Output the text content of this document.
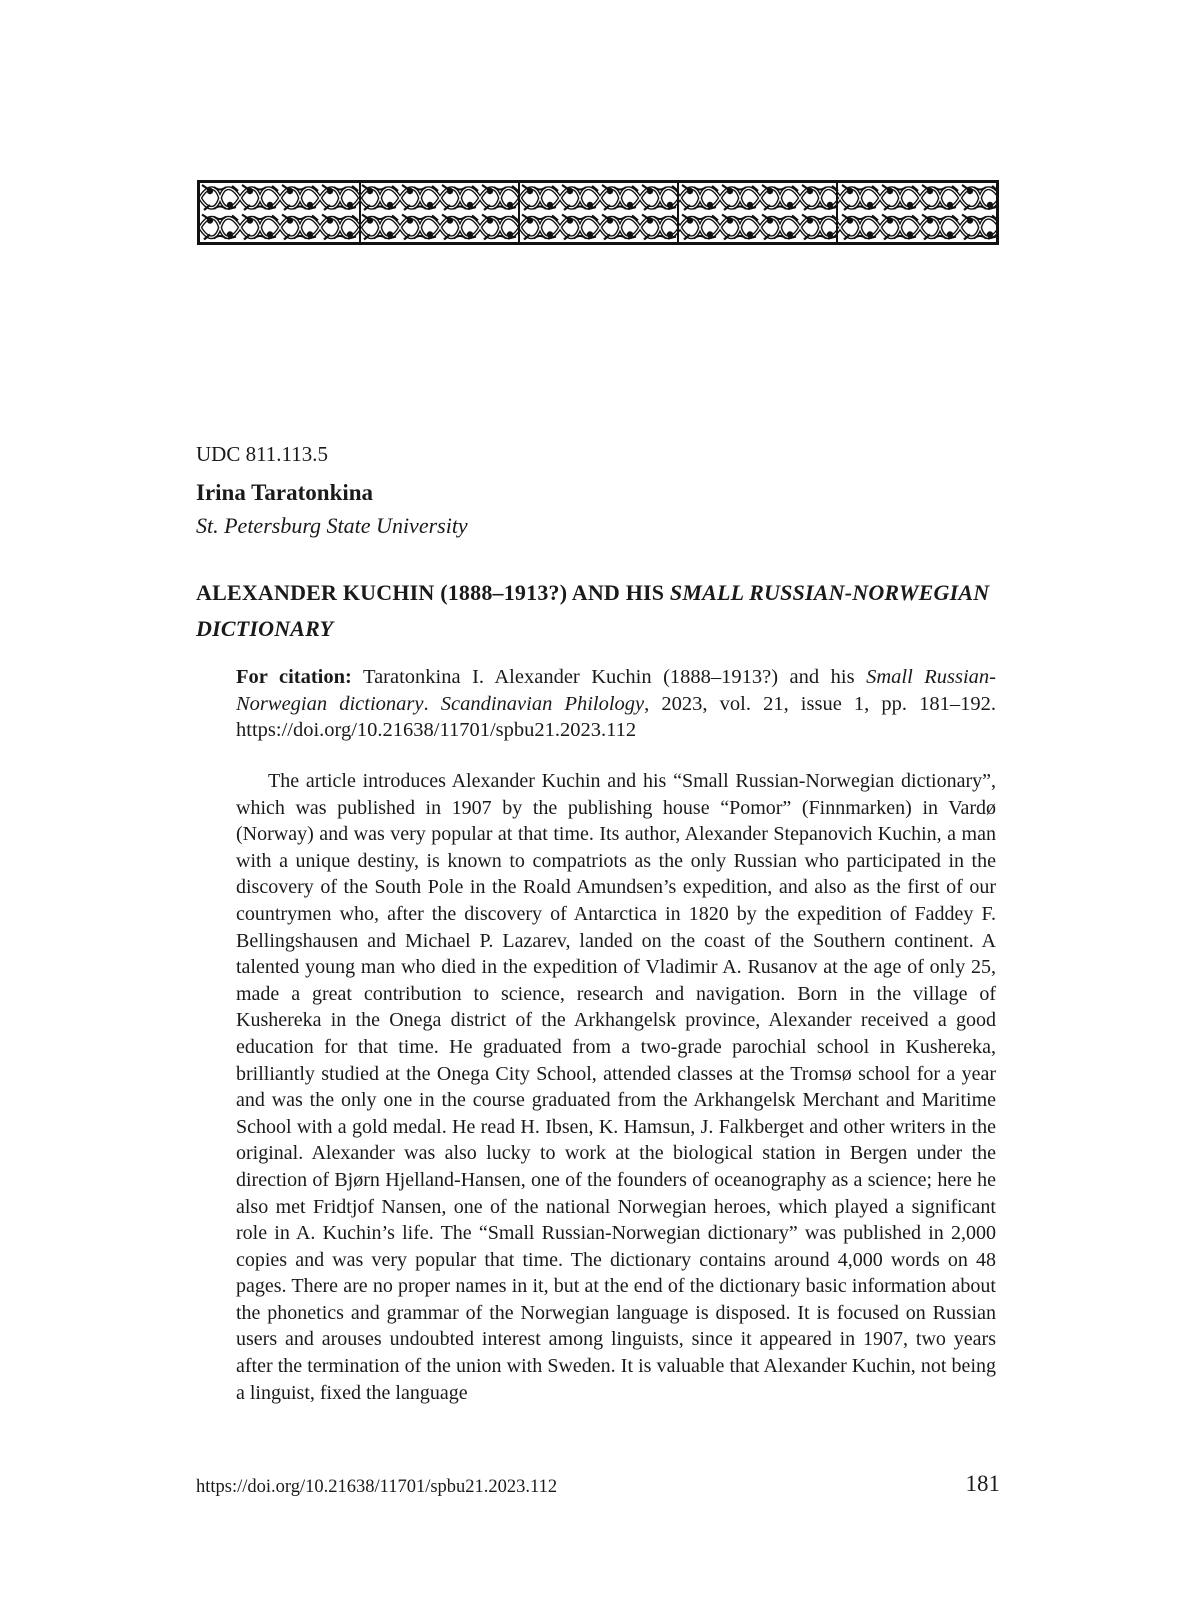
UDC 811.113.5
Irina Taratonkina
St. Petersburg State University
ALEXANDER KUCHIN (1888–1913?) AND HIS SMALL RUSSIAN-NORWEGIAN DICTIONARY
For citation: Taratonkina I. Alexander Kuchin (1888–1913?) and his Small Russian-Norwegian dictionary. Scandinavian Philology, 2023, vol. 21, issue 1, pp. 181–192. https://doi.org/10.21638/11701/spbu21.2023.112

The article introduces Alexander Kuchin and his “Small Russian-Norwegian dictionary”, which was published in 1907 by the publishing house “Pomor” (Finnmarken) in Vardø (Norway) and was very popular at that time. Its author, Alexander Stepanovich Kuchin, a man with a unique destiny, is known to compatriots as the only Russian who participated in the discovery of the South Pole in the Roald Amundsen’s expedition, and also as the first of our countrymen who, after the discovery of Antarctica in 1820 by the expedition of Faddey F. Bellingshausen and Michael P. Lazarev, landed on the coast of the Southern continent. A talented young man who died in the expedition of Vladimir A. Rusanov at the age of only 25, made a great contribution to science, research and navigation. Born in the village of Kushereka in the Onega district of the Arkhangelsk province, Alexander received a good education for that time. He graduated from a two-grade parochial school in Kushereka, brilliantly studied at the Onega City School, attended classes at the Tromsø school for a year and was the only one in the course graduated from the Arkhangelsk Merchant and Maritime School with a gold medal. He read H. Ibsen, K. Hamsun, J. Falkberget and other writers in the original. Alexander was also lucky to work at the biological station in Bergen under the direction of Bjørn Hjelland-Hansen, one of the founders of oceanography as a science; here he also met Fridtjof Nansen, one of the national Norwegian heroes, which played a significant role in A. Kuchin’s life. The “Small Russian-Norwegian dictionary” was published in 2,000 copies and was very popular that time. The dictionary contains around 4,000 words on 48 pages. There are no proper names in it, but at the end of the dictionary basic information about the phonetics and grammar of the Norwegian language is disposed. It is focused on Russian users and arouses undoubted interest among linguists, since it appeared in 1907, two years after the termination of the union with Sweden. It is valuable that Alexander Kuchin, not being a linguist, fixed the language

https://doi.org/10.21638/11701/spbu21.2023.112	181
